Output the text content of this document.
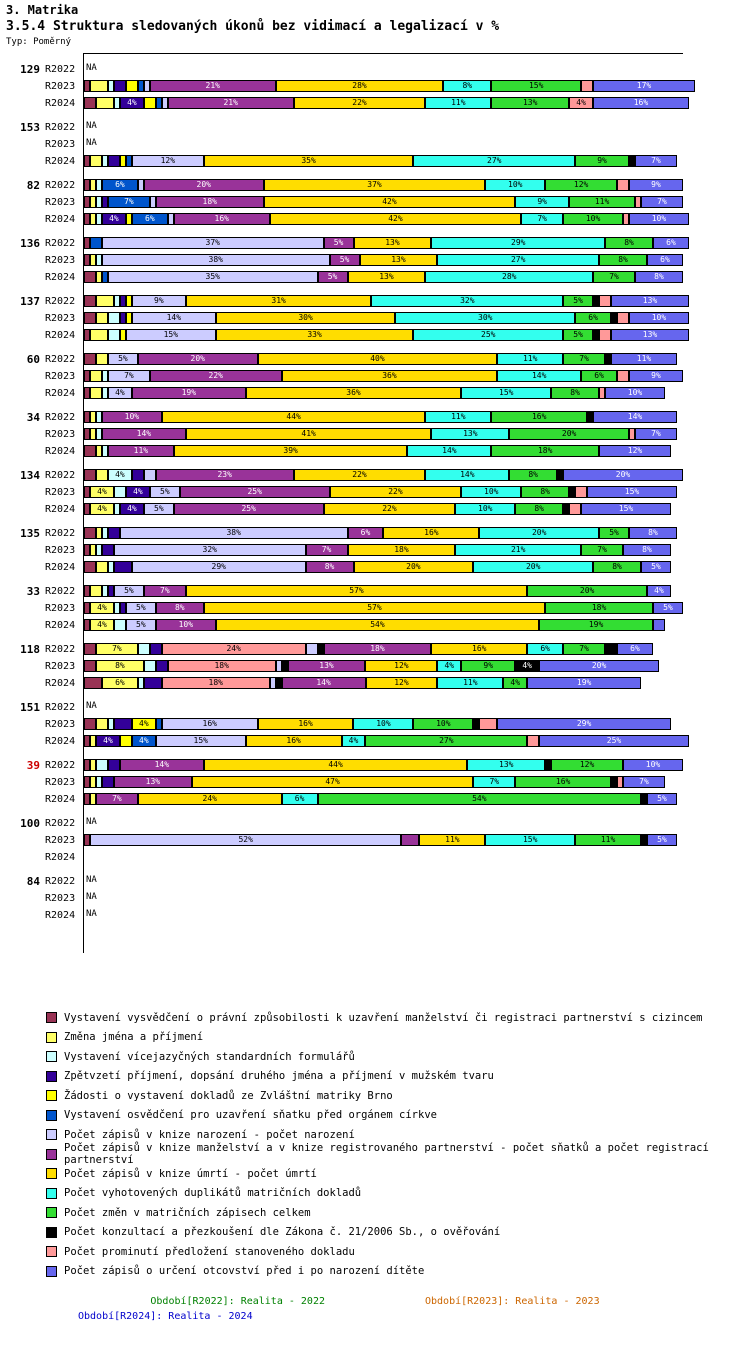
3. Matrika
3.5.4 Struktura sledovaných úkonů bez vidimací a legalizací v %
Typ: Poměrný
129 R2022	NA
R2023	21%	28%	8%	15%	17%
R2024	4%	21%	22%	11%	13%	4%	16%
153 R2022	NA
R2023	NA
R2024	12%	35%	27%	9%	7%
82 R2022	6%	20%	37%	10%	12%	9%
R2023	7%	18%	42%	9%	11%	7%
R2024	4%	6%	16%	42%	7%	10%	10%
136 R2022	37%	5%	13%	29%	8%	6%
R2023	38%	5%	13%	27%	8%	6%
R2024	35%	5%	13%	28%	7%	8%
137 R2022	9%	31%	32%	5%	13%
R2023	14%	30%	30%	6%	10%
R2024	15%	33%	25%	5%	13%
60 R2022	5%	20%	40%	11%	7%	11%
R2023	7%	22%	36%	14%	6%	9%
R2024	4%	19%	36%	15%	8%	10%
34 R2022	10%	44%	11%	16%	14%
R2023	14%	41%	13%	20%	7%
R2024	11%	39%	14%	18%	12%
134 R2022	4%	23%	22%	14%	8%	20%
R2023	4%	4%	5%	25%	22%	10%	8%	15%
R2024	4%	4%	5%	25%	22%	10%	8%	15%
135 R2022	38%	6%	16%	20%	5%	8%
R2023	32%	7%	18%	21%	7%	8%
R2024	29%	8%	20%	20%	8%	5%
33 R2022	5%	7%	57%	20%	4%
R2023	4%	5%	8%	57%	18%	5%
R2024	4%	5%	10%	54%	19%
118 R2022	7%	24%	18%	16%	6%	7%	6%
R2023	8%	18%	13%	12%	4%	9%	4%	20%
R2024	6%	18%	14%	12%	11%	4%	19%
151 R2022	NA
R2023	4%	16%	16%	10%	10%	29%
R2024	4%	4%	15%	16%	4%	27%	25%
39 R2022	14%	44%	13%	12%	10%
R2023	13%	47%	7%	16%	7%
R2024	7%	24%	6%	54%	5%
100 R2022	NA
R2023	52%	11%	15%	11%	5%
R2024
84 R2022	NA
R2023	NA
R2024	NA
Vystavení vysvědčení o právní způsobilosti k uzavření manželství či registraci partnerství s cizincem
Změna jména a příjmení
Vystavení vícejazyčných standardních formulářů
Zpětvzetí příjmení, dopsání druhého jména a příjmení v mužském tvaru
Žádosti o vystavení dokladů ze Zvláštní matriky Brno
Vystavení osvědčení pro uzavření sňatku před orgánem církve
Počet zápisů v knize narození - počet narození
Počet zápisů v knize manželství a v knize registrovaného partnerství - počet sňatků a počet registrací partnerství
Počet zápisů v knize úmrtí - počet úmrtí
Počet vyhotovených duplikátů matričních dokladů
Počet změn v matričních zápisech celkem
Počet konzultací a přezkoušení dle Zákona č. 21/2006 Sb., o ověřování
Počet prominutí předložení stanoveného dokladu
Počet zápisů o určení otcovství před i po narození dítěte
Období[R2022]: Realita - 2022	Období[R2023]: Realita - 2023
Období[R2024]: Realita - 2024
